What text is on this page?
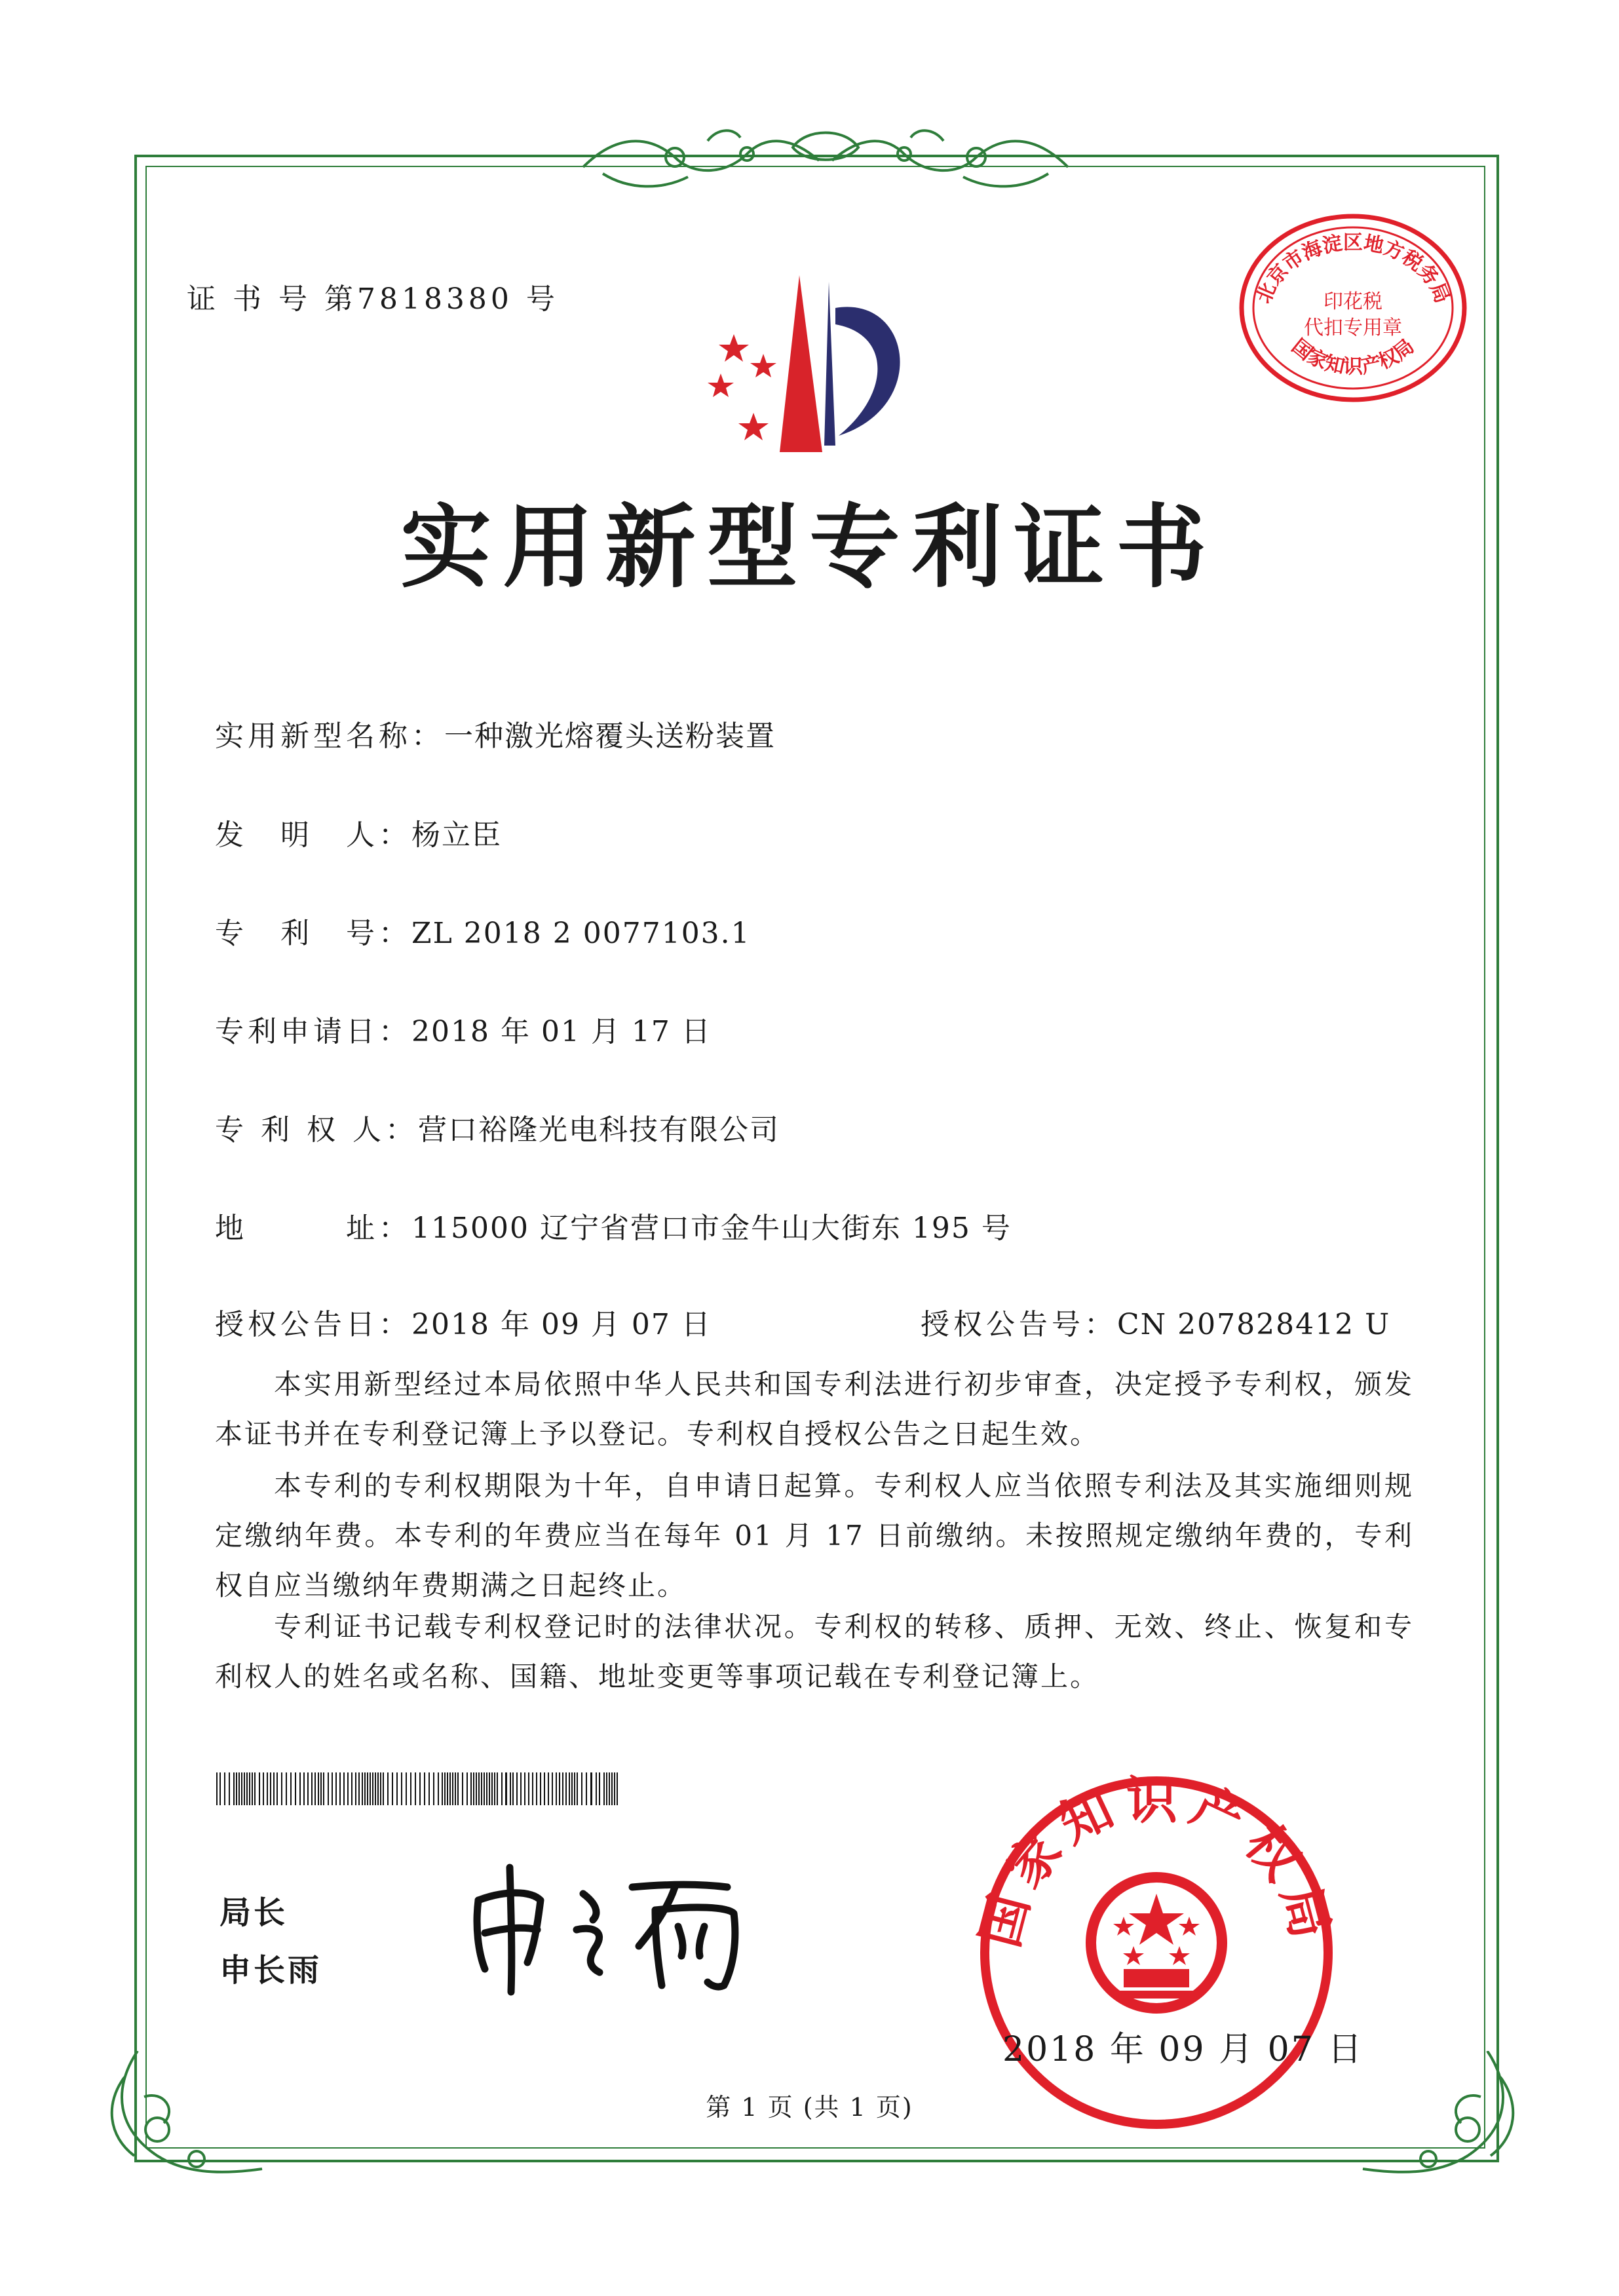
证 书 号 第7818380 号	北京市海淀区地方税务局
国家知识产权局
印花税
代扣专用章
实用新型专利证书
实用新型名称：一种激光熔覆头送粉装置
发　明　人：杨立臣
专　利　号：ZL 2018 2 0077103.1
专利申请日：2018 年 01 月 17 日
专 利 权 人：营口裕隆光电科技有限公司
地　　　址：115000 辽宁省营口市金牛山大街东 195 号
授权公告日：2018 年 09 月 07 日	授权公告号：CN 207828412 U
本实用新型经过本局依照中华人民共和国专利法进行初步审查，决定授予专利权，颁发本证书并在专利登记簿上予以登记。专利权自授权公告之日起生效。
本专利的专利权期限为十年，自申请日起算。专利权人应当依照专利法及其实施细则规定缴纳年费。本专利的年费应当在每年 01 月 17 日前缴纳。未按照规定缴纳年费的，专利权自应当缴纳年费期满之日起终止。
专利证书记载专利权登记时的法律状况。专利权的转移、质押、无效、终止、恢复和专利权人的姓名或名称、国籍、地址变更等事项记载在专利登记簿上。
局长
申长雨
国家知识产权局
2018 年 09 月 07 日
第 1 页 (共 1 页)
